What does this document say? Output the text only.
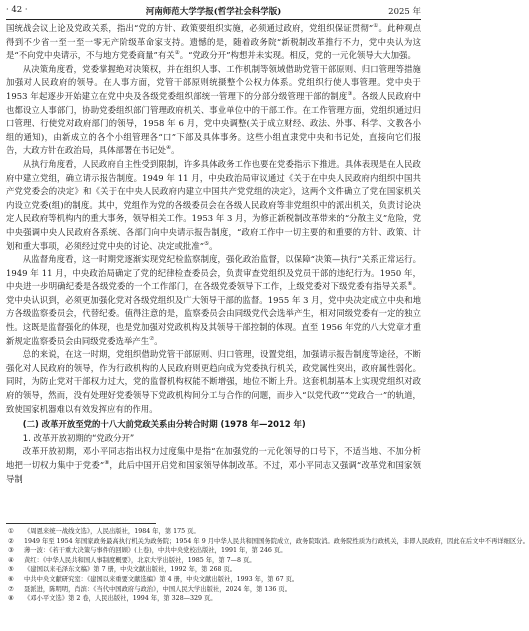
· 42 ·	河南师范大学学报(哲学社会科学版)	2025 年

国统战会议上论及党政关系，指出“党的方针、政策要组织实施，必须通过政府，党组织保证贯彻”①。此种观点得到不少省一至一至一零无产阶级革命家支持。遗憾的是，随着政务院“新税制改革推行不力，党中央认为这是“不向党中央请示，不与地方党委商量”有关②。“党政分开”构想并未实现。相反，党的一元化领导大大加强。

从决策角度看，党委掌握绝对决策权，并在组织人事、工作机制等领域借助党管干部原则、归口管理等措施加强对人民政府的领导。在人事方面，党管干部原则统摄整个公权力体系。党组织行使人事管理。党中央于 1953 年起逐步开始建立在党中央及各级党委组织部统一管理下的分部分级管理干部的制度③。各级人民政府中也都设立人事部门，协助党委组织部门管理政府机关、事业单位中的干部工作。在工作管理方面，党组织通过归口管理、行使党对政府部门的领导，1958 年 6 月，党中央调整(关于成立财经、政法、外事、科学、文教各小组的通知)，由新成立的各个小组管理各“口”下部及具体事务。这些小组直隶党中央和书记处，直接向它们报告，大政方针在政治局，具体部署在书记处④。

从执行角度看，人民政府自主性受到限制，许多具体政务工作也要在党委指示下推进。具体表现是在人民政府中建立党组，确立请示报告制度。1949 年 11 月，中央政治局审议通过《关于在中央人民政府内组织中国共产党党委会的决定》和《关于在中央人民政府内建立中国共产党党组的决定》，这两个文件确立了党在国家机关内设立党委(组)的制度。其中，党组作为党的各级委员会在各级人民政府等非党组织中的派出机关，负责讨论决定人民政府等机构内的重大事务，领导相关工作。1953 年 3 月，为修正新税制改革带来的“分散主义”危险，党中央强调中央人民政府各系统、各部门向中央请示报告制度，“政府工作中一切主要的和重要的方针、政策、计划和重大事项，必须经过党中央的讨论、决定或批准”⑤。

从监督角度看，这一时期党逐渐实现党纪检监察制度，强化政治监督，以保障“决策—执行”关系正常运行。1949 年 11 月，中央政治局确定了党的纪律检查委员会，负责审查党组织及党员干部的违纪行为。1950 年，中央进一步明确纪委是各级党委的一个工作部门，在各级党委领导下工作，上级党委对下级党委有指导关系⑥。党中央认识到，必须更加强化党对各级党组织及广大领导干部的监督。1955 年 3 月，党中央决定成立中央和地方各级监察委员会，代替纪委。值得注意的是，监察委员会由同级党代会选举产生，相对同级党委有一定的独立性。这既是监督强化的体现，也是党加强对党政机构及其领导干部控制的体现。直至 1956 年党的八大党章才重新规定监察委员会由同级党委选举产生⑦。

总的来说，在这一时期，党组织借助党管干部原则、归口管理，设置党组，加强请示报告制度等途径，不断强化对人民政府的领导，作为行政机构的人民政府则更趋向成为党委执行机关，政党属性突出，政府属性弱化。同时，为防止党对干部权力过大，党的监督机构权能不断增强，地位不断上升。这套机制基本上实现党组织对政府的领导，然而，没有处理好党委领导下党政机构间分工与合作的问题，而步入“以党代政”“党政合一”的轨道，致使国家机器难以有效发挥应有的作用。

(二) 改革开放至党的十八大前党政关系由分转合时期 (1978 年—2012 年)

1. 改革开放初期的“党政分开”

改革开放初期，邓小平同志指出权力过度集中是指“在加强党的一元化领导的口号下，不适当地、不加分析地把一切权力集中于党委”⑧，此后中国开启党和国家领导体制改革。不过，邓小平同志又强调“改革党和国家领导制

① 《周恩来统一战线文选》，人民出版社，1984 年，第 175 页。

② 1949 年至 1954 年国家政务最高执行机关为政务院；1954 年 9 月中华人民共和国国务院成立，政务院取消。政务院性质为行政机关，非即人民政府，因此在后文中不再详细区分。

③ 薄一波：《若干重大决策与事件的回顾》(上卷)，中共中央党校出版社，1991 年，第 246 页。

④ 黄红：《中华人民共和国人事制度概要》，北京大学出版社，1985 年，第 7—8 页。

⑤ 《建国以来毛泽东文稿》第 7 册，中央文献出版社，1992 年，第 268 页。

⑥ 中共中央文献研究室：《建国以来重要文献选编》第 4 册，中央文献出版社，1993 年，第 67 页。

⑦ 聂派进，陈明明，肖滨：《当代中国政府与政治》，中国人民大学出版社，2024 年，第 136 页。

⑧ 《邓小平文选》第 2 卷，人民出版社，1994 年，第 328—329 页。
